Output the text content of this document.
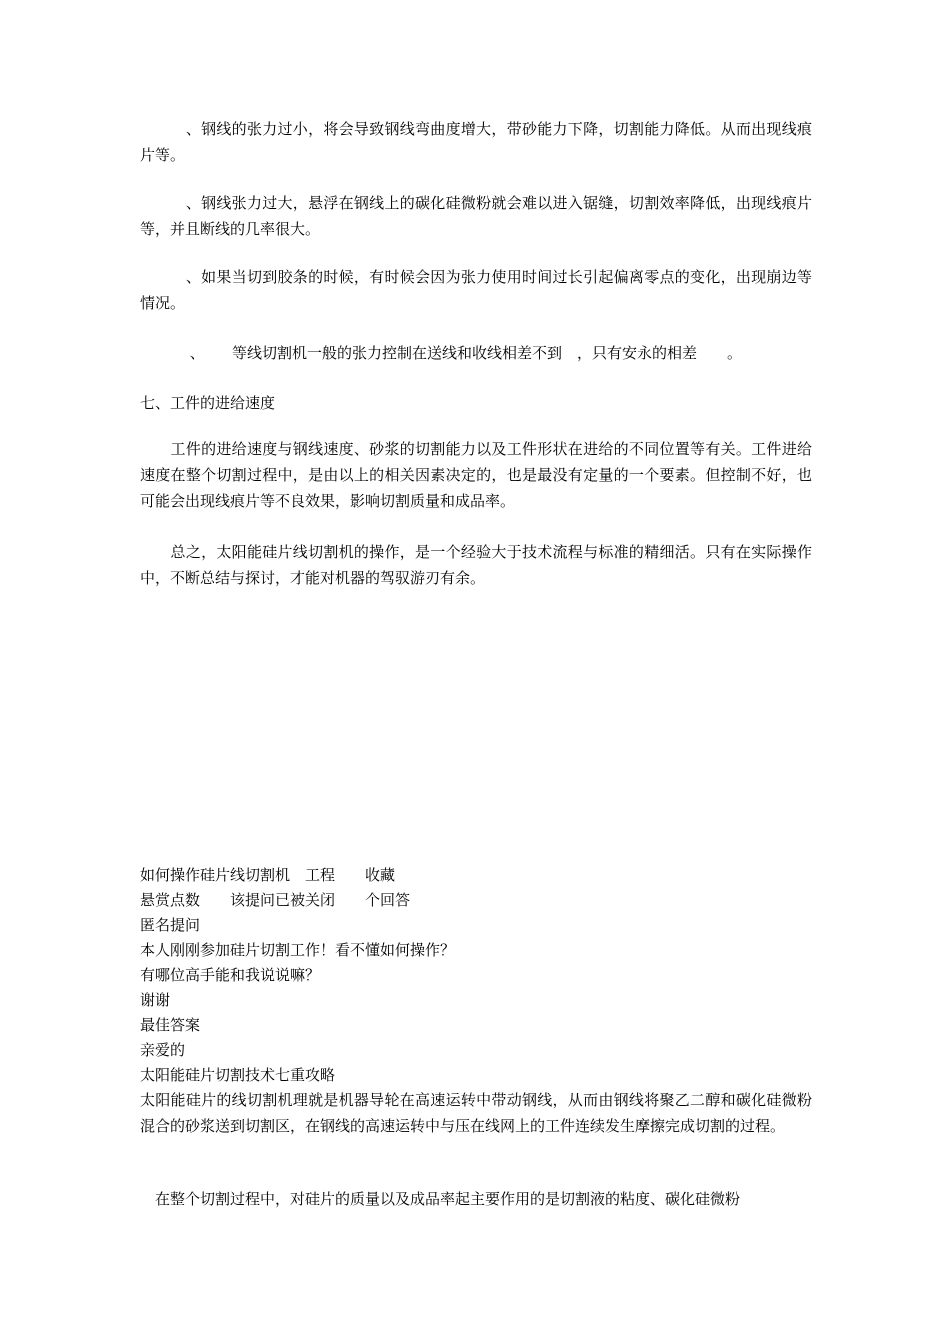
　　　、钢线的张力过小，将会导致钢线弯曲度增大，带砂能力下降，切割能力降低。从而出现线痕片等。

　　　、钢线张力过大，悬浮在钢线上的碳化硅微粉就会难以进入锯缝，切割效率降低，出现线痕片等，并且断线的几率很大。

　　　、如果当切到胶条的时候，有时候会因为张力使用时间过长引起偏离零点的变化，出现崩边等情况。

　　　 、　　 等线切割机一般的张力控制在送线和收线相差不到　，只有安永的相差　　。

七、工件的进给速度

　　工件的进给速度与钢线速度、砂浆的切割能力以及工件形状在进给的不同位置等有关。工件进给速度在整个切割过程中，是由以上的相关因素决定的，也是最没有定量的一个要素。但控制不好，也可能会出现线痕片等不良效果，影响切割质量和成品率。

　　总之，太阳能硅片线切割机的操作，是一个经验大于技术流程与标准的精细活。只有在实际操作中，不断总结与探讨，才能对机器的驾驭游刃有余。

如何操作硅片线切割机　工程　　收藏

悬赏点数　　该提问已被关闭　　个回答

匿名提问

本人刚刚参加硅片切割工作！看不懂如何操作？

有哪位高手能和我说说嘛？

谢谢

最佳答案

亲爱的

太阳能硅片切割技术七重攻略

太阳能硅片的线切割机理就是机器导轮在高速运转中带动钢线，从而由钢线将聚乙二醇和碳化硅微粉混合的砂浆送到切割区，在钢线的高速运转中与压在线网上的工件连续发生摩擦完成切割的过程。

　在整个切割过程中，对硅片的质量以及成品率起主要作用的是切割液的粘度、碳化硅微粉
